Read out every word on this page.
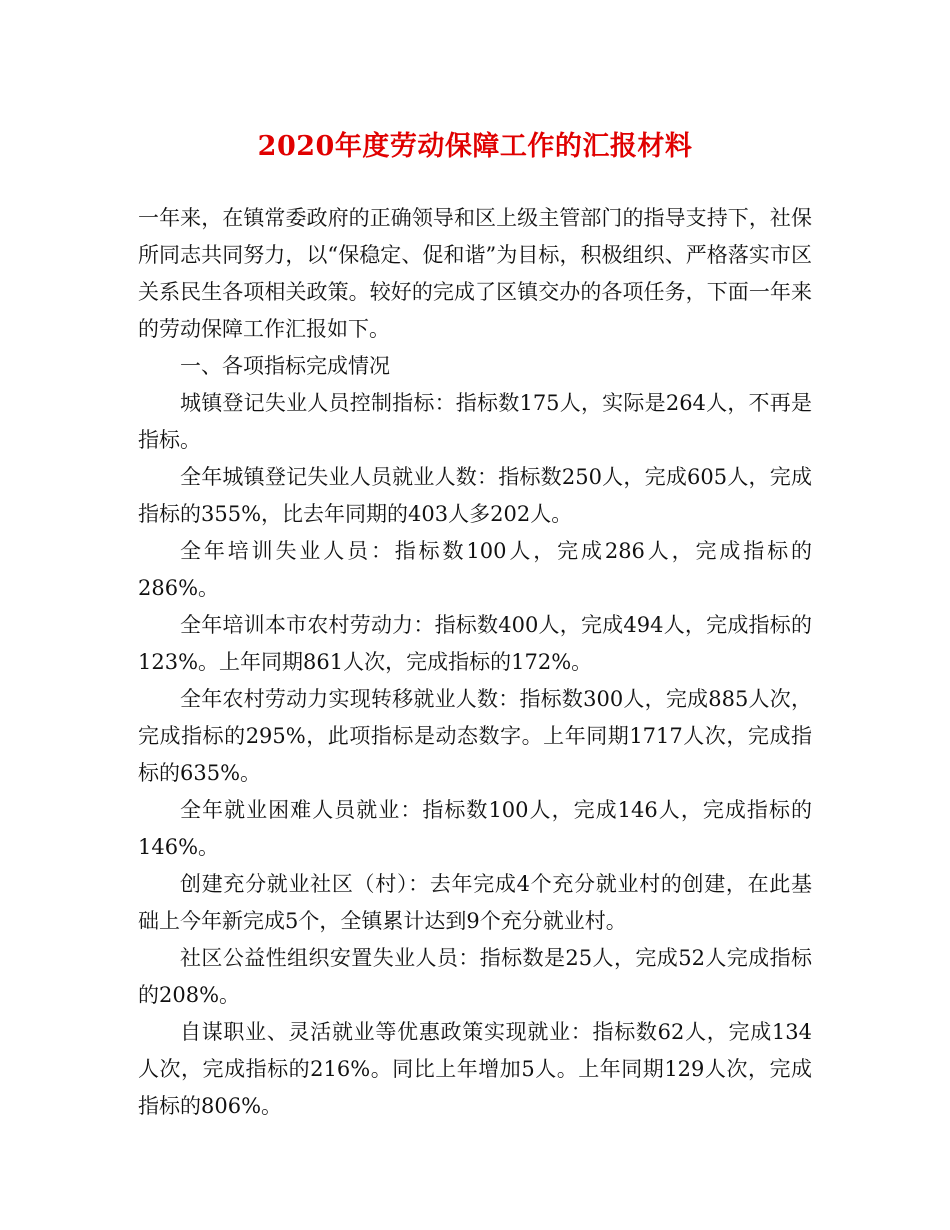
2020年度劳动保障工作的汇报材料

一年来，在镇常委政府的正确领导和区上级主管部门的指导支持下，社保所同志共同努力，以“保稳定、促和谐”为目标，积极组织、严格落实市区关系民生各项相关政策。较好的完成了区镇交办的各项任务，下面一年来的劳动保障工作汇报如下。

一、各项指标完成情况

城镇登记失业人员控制指标：指标数175人，实际是264人，不再是指标。

全年城镇登记失业人员就业人数：指标数250人，完成605人，完成指标的355%，比去年同期的403人多202人。

全年培训失业人员：指标数100人，完成286人，完成指标的286%。

全年培训本市农村劳动力：指标数400人，完成494人，完成指标的123%。上年同期861人次，完成指标的172%。

全年农村劳动力实现转移就业人数：指标数300人，完成885人次，完成指标的295%，此项指标是动态数字。上年同期1717人次，完成指标的635%。

全年就业困难人员就业：指标数100人，完成146人，完成指标的146%。

创建充分就业社区（村）：去年完成4个充分就业村的创建，在此基础上今年新完成5个，全镇累计达到9个充分就业村。

社区公益性组织安置失业人员：指标数是25人，完成52人完成指标的208%。

自谋职业、灵活就业等优惠政策实现就业：指标数62人，完成134人次，完成指标的216%。同比上年增加5人。上年同期129人次，完成指标的806%。
